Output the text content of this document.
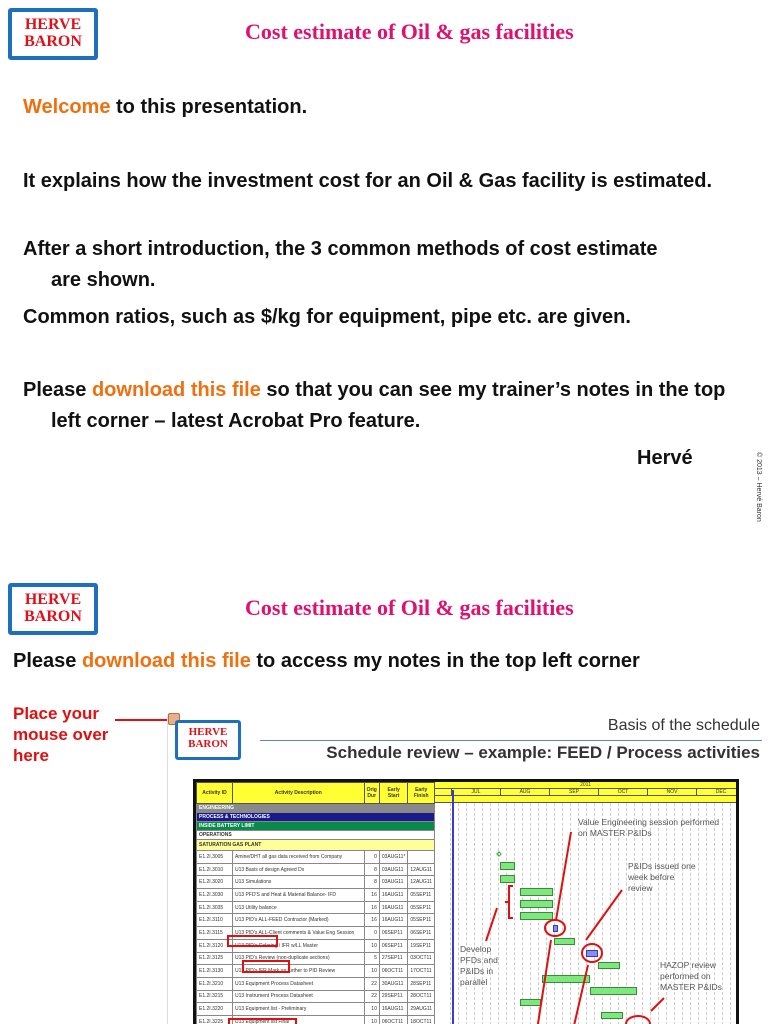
HERVE
BARON	Cost estimate of Oil & gas facilities
Welcome to this presentation.
It explains how the investment cost for an Oil & Gas facility is estimated.
After a short introduction, the 3 common methods of cost estimate are shown.
Common ratios, such as $/kg for equipment, pipe etc. are given.
Please download this file so that you can see my trainer’s notes in the top left corner – latest Acrobat Pro feature.
Hervé	© 2013 – Hervé Baron
HERVE
BARON	Cost estimate of Oil & gas facilities
Please download this file to access my notes in the top left corner
Place your mouse over here
HERVE
BARON
Basis of the schedule
Schedule review – example: FEED / Process activities
Activity ID	Activity Description	Orig Dur	Early Start	Early Finish
ENGINEERING				
PROCESS & TECHNOLOGIES				
INSIDE BATTERY LIMIT				
OPERATIONS				
SATURATION GAS PLANT				
E1.2I.3005	Amine/DHT all gas data received from Company	0	03AUG11*	
E1.2I.3010	U13 Basis of design Agreed Dx	8	03AUG11	12AUG11
E1.2I.3020	U13 Simulations	8	03AUG11	12AUG11
E1.2I.3030	U13 PFD'S and Heat & Material Balance- IFD	16	16AUG11	05SEP11
E1.2I.3035	U13 Utility balance	16	16AUG11	05SEP11
E1.2I.3110	U13 PID's ALL-FEED Contractor (Marked)	16	16AUG11	05SEP11
E1.2I.3115	U13 PID's ALL-Client comments & Value Eng Session	0	06SEP11	06SEP11
E1.2I.3120	U13 PID's Coloring / IFR w/LL Master	10	06SEP11	19SEP11
E1.2I.3125	U13 PID's Review (non-duplicate sections)	5	27SEP11	03OCT11
E1.2I.3130	U13 PID's IFR Mark up further to PID Review	10	06OCT11	17OCT11
E1.2I.3210	U13 Equipment Process Datasheet	22	30AUG11	28SEP11
E1.2I.3215	U13 Instrument Process Datasheet	22	29SEP11	28OCT11
E1.2I.3220	U13 Equipment list - Preliminary	10	16AUG11	29AUG11
E1.2I.3225	U13 Equipment list Final	10	06OCT11	18OCT11
2011
JUL	AUG	SEP	OCT	NOV	DEC
Value Engineering session performed on MASTER P&IDs
P&IDs issued one week before review
Develop PFDs and P&IDs in parallel
HAZOP review performed on MASTER P&IDs
